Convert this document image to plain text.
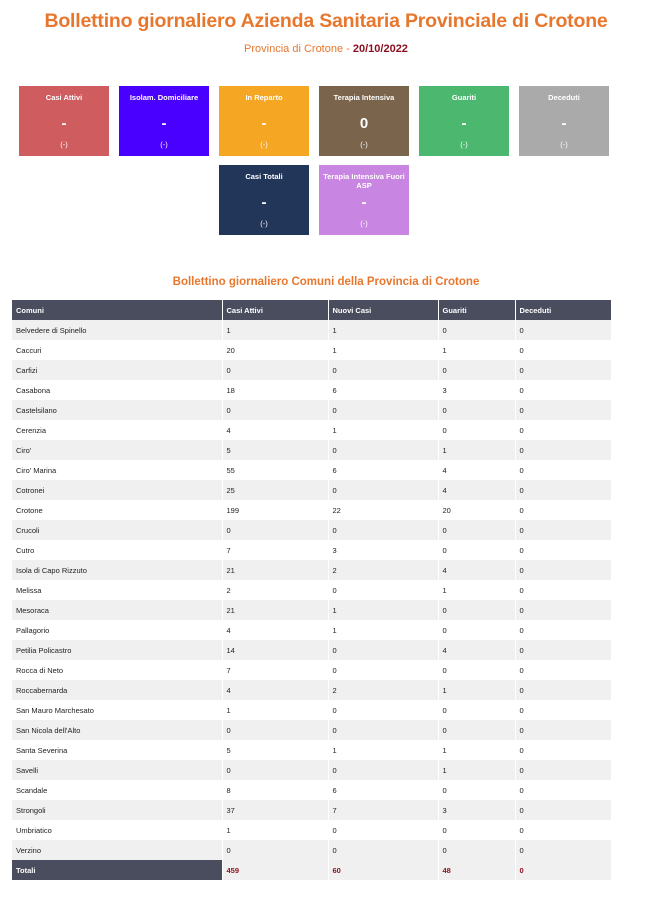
Bollettino giornaliero Azienda Sanitaria Provinciale di Crotone
Provincia di Crotone - 20/10/2022
Casi Attivi
-
(-)
Isolam. Domiciliare
-
(-)
In Reparto
-
(-)
Terapia Intensiva
0
(-)
Guariti
-
(-)
Deceduti
-
(-)
Casi Totali
-
(-)
Terapia Intensiva Fuori ASP
-
(-)
Bollettino giornaliero Comuni della Provincia di Crotone
Comuni	Casi Attivi	Nuovi Casi	Guariti	Deceduti
Belvedere di Spinello	1	1	0	0
Caccuri	20	1	1	0
Carfizi	0	0	0	0
Casabona	18	6	3	0
Castelsilano	0	0	0	0
Cerenzia	4	1	0	0
Ciro'	5	0	1	0
Ciro' Marina	55	6	4	0
Cotronei	25	0	4	0
Crotone	199	22	20	0
Crucoli	0	0	0	0
Cutro	7	3	0	0
Isola di Capo Rizzuto	21	2	4	0
Melissa	2	0	1	0
Mesoraca	21	1	0	0
Pallagorio	4	1	0	0
Petilia Policastro	14	0	4	0
Rocca di Neto	7	0	0	0
Roccabernarda	4	2	1	0
San Mauro Marchesato	1	0	0	0
San Nicola dell'Alto	0	0	0	0
Santa Severina	5	1	1	0
Savelli	0	0	1	0
Scandale	8	6	0	0
Strongoli	37	7	3	0
Umbriatico	1	0	0	0
Verzino	0	0	0	0
Totali	459	60	48	0
